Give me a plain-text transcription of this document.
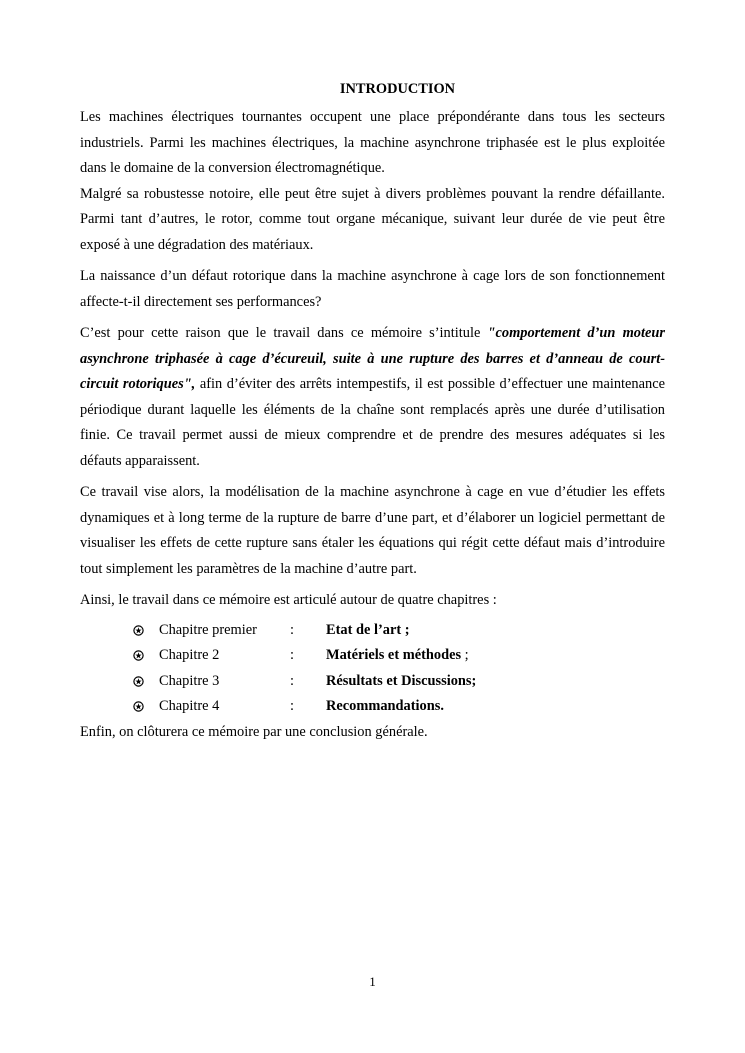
INTRODUCTION

Les machines électriques tournantes occupent une place prépondérante dans tous les secteurs industriels. Parmi les machines électriques, la machine asynchrone triphasée est le plus exploitée dans le domaine de la conversion électromagnétique.

Malgré sa robustesse notoire, elle peut être sujet à divers problèmes pouvant la rendre défaillante. Parmi tant d’autres, le rotor, comme tout organe mécanique, suivant leur durée de vie peut être exposé à une dégradation des matériaux.

La naissance d’un défaut rotorique dans la machine asynchrone à cage lors de son fonctionnement affecte-t-il directement ses performances?

C’est pour cette raison que le travail dans ce mémoire s’intitule "comportement d’un moteur asynchrone triphasée à cage d’écureuil, suite à une rupture des barres et d’anneau de court-circuit rotoriques", afin d’éviter des arrêts intempestifs, il est possible d’effectuer une maintenance périodique durant laquelle les éléments de la chaîne sont remplacés après une durée d’utilisation finie. Ce travail permet aussi de mieux comprendre et de prendre des mesures adéquates si les défauts apparaissent.

Ce travail vise alors, la modélisation de la machine asynchrone à cage en vue d’étudier les effets dynamiques et à long terme de la rupture de barre d’une part, et d’élaborer un logiciel permettant de visualiser les effets de cette rupture sans étaler les équations qui régit cette défaut mais d’introduire tout simplement les paramètres de la machine d’autre part.

Ainsi, le travail dans ce mémoire est articulé autour de quatre chapitres :

Chapitre premier : Etat de l’art ;
Chapitre 2	: Matériels et méthodes ;
Chapitre 3	: Résultats et Discussions;
Chapitre 4	: Recommandations.

Enfin, on clôturera ce mémoire par une conclusion générale.

1
